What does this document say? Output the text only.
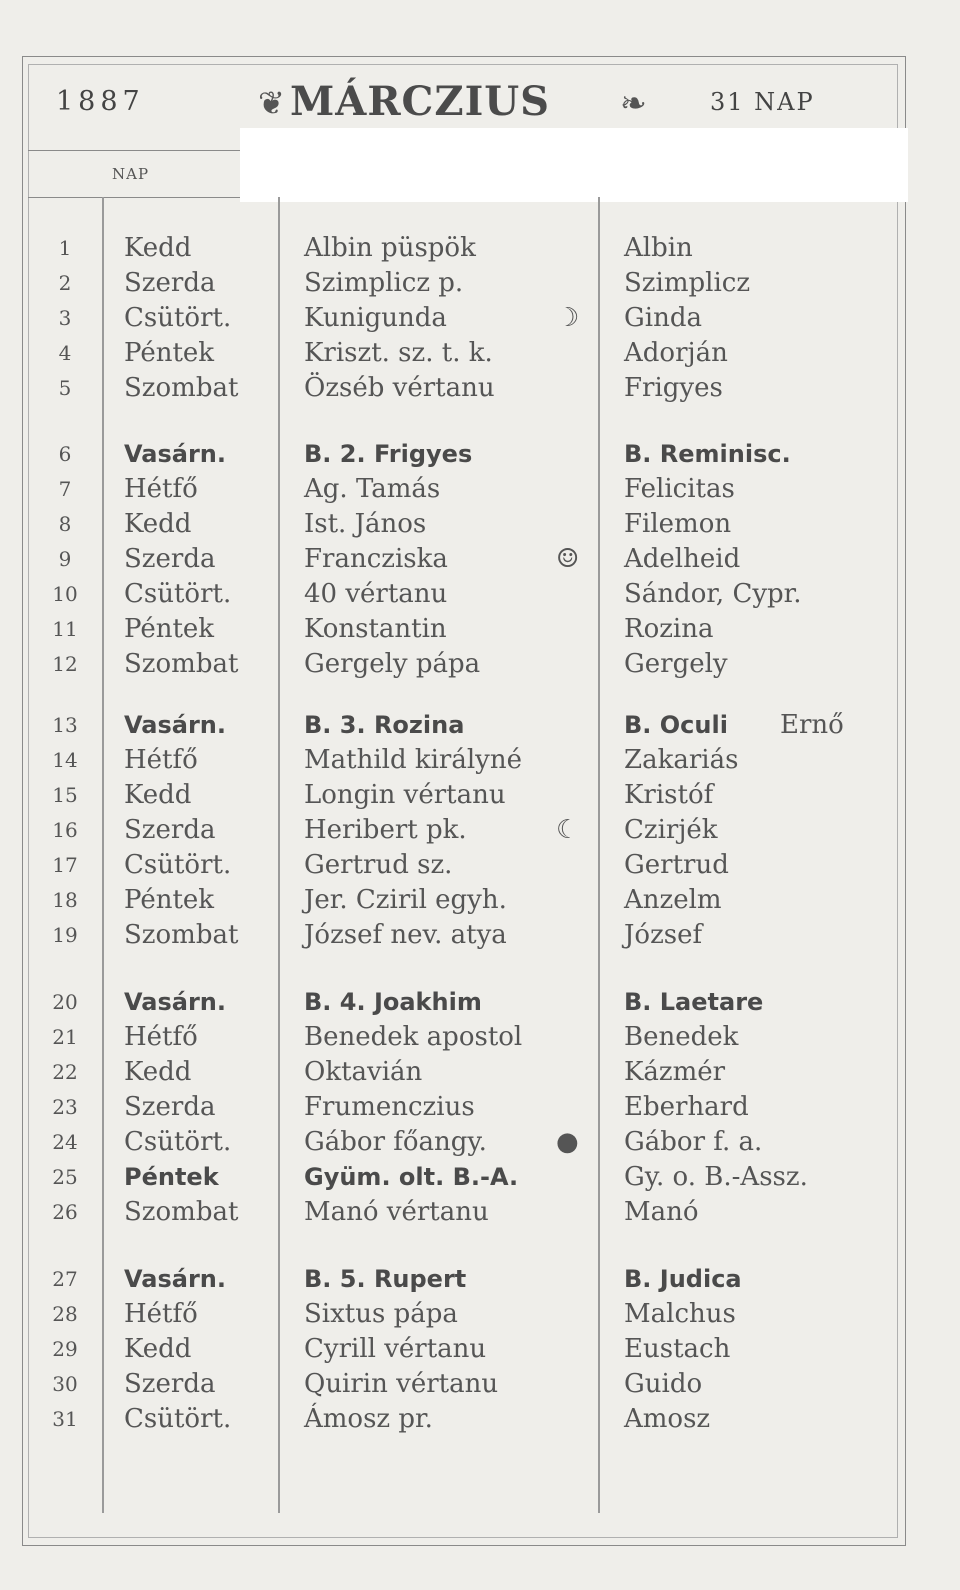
1887	❦ MÁRCZIUS ❧	31 NAP
NAP
1	Kedd	Albin püspök	Albin
2	Szerda	Szimplicz p.	Szimplicz
3	Csütört.	Kunigunda	Ginda
☽
4	Péntek	Kriszt. sz. t. k.	Adorján
5	Szombat	Özséb vértanu	Frigyes
6	Vasárn.	B. 2. Frigyes	B. Reminisc.
7	Hétfő	Ag. Tamás	Felicitas
8	Kedd	Ist. János	Filemon
9	Szerda	Francziska	Adelheid
☺
10	Csütört.	40 vértanu	Sándor, Cypr.
11	Péntek	Konstantin	Rozina
12	Szombat	Gergely pápa	Gergely
13	Vasárn.	B. 3. Rozina	B. Oculi Ernő
14	Hétfő	Mathild királyné	Zakariás
15	Kedd	Longin vértanu	Kristóf
16	Szerda	Heribert pk.	Czirjék
☾
17	Csütört.	Gertrud sz.	Gertrud
18	Péntek	Jer. Cziril egyh.	Anzelm
19	Szombat	József nev. atya	József
20	Vasárn.	B. 4. Joakhim	B. Laetare
21	Hétfő	Benedek apostol	Benedek
22	Kedd	Oktavián	Kázmér
23	Szerda	Frumenczius	Eberhard
24	Csütört.	Gábor főangy.	Gábor f. a.
●
25	Péntek	Gyüm. olt. B.-A.	Gy. o. B.-Assz.
26	Szombat	Manó vértanu	Manó
27	Vasárn.	B. 5. Rupert	B. Judica
28	Hétfő	Sixtus pápa	Malchus
29	Kedd	Cyrill vértanu	Eustach
30	Szerda	Quirin vértanu	Guido
31	Csütört.	Ámosz pr.	Amosz
